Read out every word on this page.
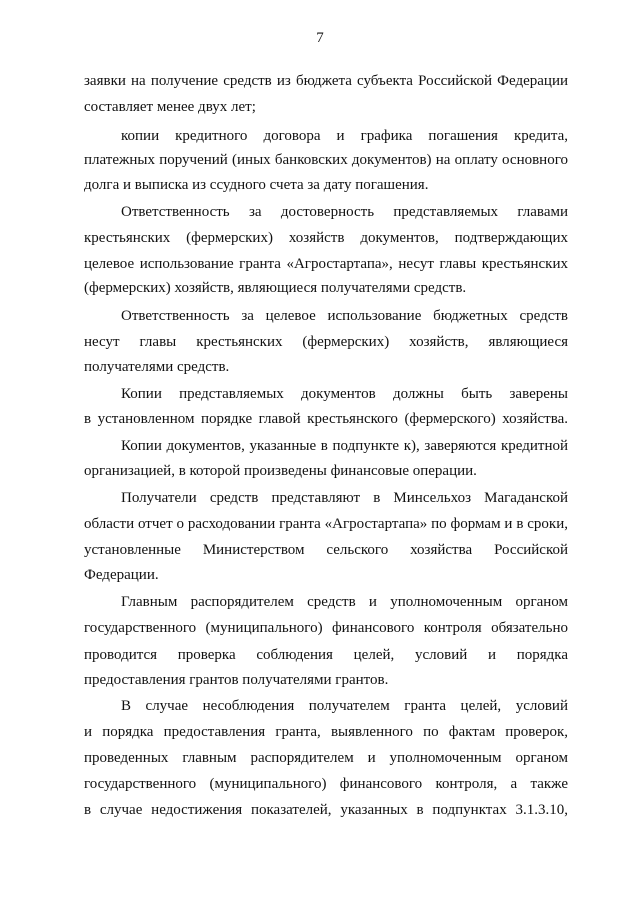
7
заявки на получение средств из бюджета субъекта Российской Федерации
составляет менее двух лет;
копии кредитного договора и графика погашения кредита,
платежных поручений (иных банковских документов) на оплату основного
долга и выписка из ссудного счета за дату погашения.
Ответственность за достоверность представляемых главами
крестьянских (фермерских) хозяйств документов, подтверждающих
целевое использование гранта «Агростартапа», несут главы крестьянских
(фермерских) хозяйств, являющиеся получателями средств.
Ответственность за целевое использование бюджетных средств
несут главы крестьянских (фермерских) хозяйств, являющиеся
получателями средств.
Копии представляемых документов должны быть заверены
в установленном порядке главой крестьянского (фермерского) хозяйства.
Копии документов, указанные в подпункте к), заверяются кредитной
организацией, в которой произведены финансовые операции.
Получатели средств представляют в Минсельхоз Магаданской
области отчет о расходовании гранта «Агростартапа» по формам и в сроки,
установленные Министерством сельского хозяйства Российской
Федерации.
Главным распорядителем средств и уполномоченным органом
государственного (муниципального) финансового контроля обязательно
проводится проверка соблюдения целей, условий и порядка
предоставления грантов получателями грантов.
В случае несоблюдения получателем гранта целей, условий
и порядка предоставления гранта, выявленного по фактам проверок,
проведенных главным распорядителем и уполномоченным органом
государственного (муниципального) финансового контроля, а также
в случае недостижения показателей, указанных в подпунктах 3.1.3.10,
